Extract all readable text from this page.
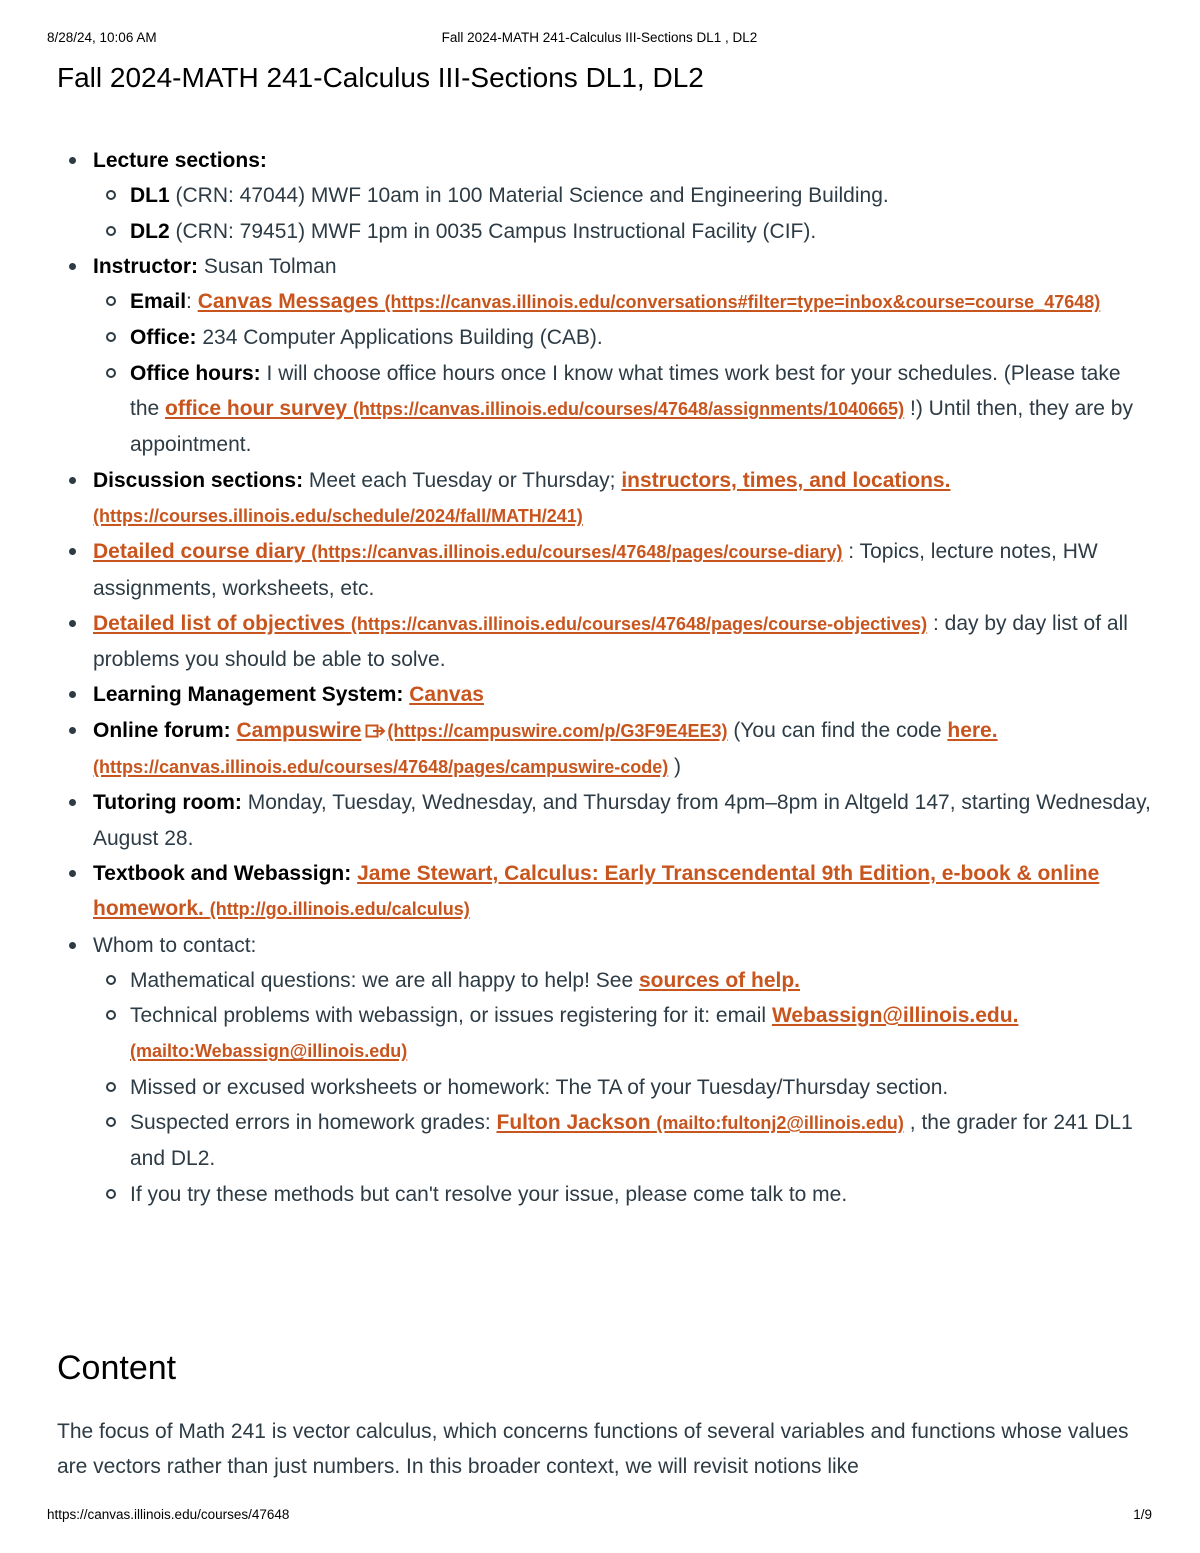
8/28/24, 10:06 AM	Fall 2024-MATH 241-Calculus III-Sections DL1 , DL2
Fall 2024-MATH 241-Calculus III-Sections DL1, DL2
Lecture sections:
DL1 (CRN: 47044) MWF 10am in 100 Material Science and Engineering Building.
DL2 (CRN: 79451) MWF 1pm in 0035 Campus Instructional Facility (CIF).
Instructor: Susan Tolman
Email: Canvas Messages (https://canvas.illinois.edu/conversations#filter=type=inbox&course=course_47648)
Office: 234 Computer Applications Building (CAB).
Office hours: I will choose office hours once I know what times work best for your schedules. (Please take the office hour survey (https://canvas.illinois.edu/courses/47648/assignments/1040665) !) Until then, they are by appointment.
Discussion sections: Meet each Tuesday or Thursday; instructors, times, and locations. (https://courses.illinois.edu/schedule/2024/fall/MATH/241)
Detailed course diary (https://canvas.illinois.edu/courses/47648/pages/course-diary) : Topics, lecture notes, HW assignments, worksheets, etc.
Detailed list of objectives (https://canvas.illinois.edu/courses/47648/pages/course-objectives) : day by day list of all problems you should be able to solve.
Learning Management System: Canvas
Online forum: Campuswire (https://campuswire.com/p/G3F9E4EE3) (You can find the code here. (https://canvas.illinois.edu/courses/47648/pages/campuswire-code) )
Tutoring room: Monday, Tuesday, Wednesday, and Thursday from 4pm–8pm in Altgeld 147, starting Wednesday, August 28.
Textbook and Webassign: Jame Stewart, Calculus: Early Transcendental 9th Edition, e-book & online homework. (http://go.illinois.edu/calculus)
Whom to contact:
Mathematical questions: we are all happy to help! See sources of help.
Technical problems with webassign, or issues registering for it: email Webassign@illinois.edu. (mailto:Webassign@illinois.edu)
Missed or excused worksheets or homework: The TA of your Tuesday/Thursday section.
Suspected errors in homework grades: Fulton Jackson (mailto:fultonj2@illinois.edu) , the grader for 241 DL1 and DL2.
If you try these methods but can't resolve your issue, please come talk to me.
Content

The focus of Math 241 is vector calculus, which concerns functions of several variables and functions whose values are vectors rather than just numbers. In this broader context, we will revisit notions like

https://canvas.illinois.edu/courses/47648	1/9
